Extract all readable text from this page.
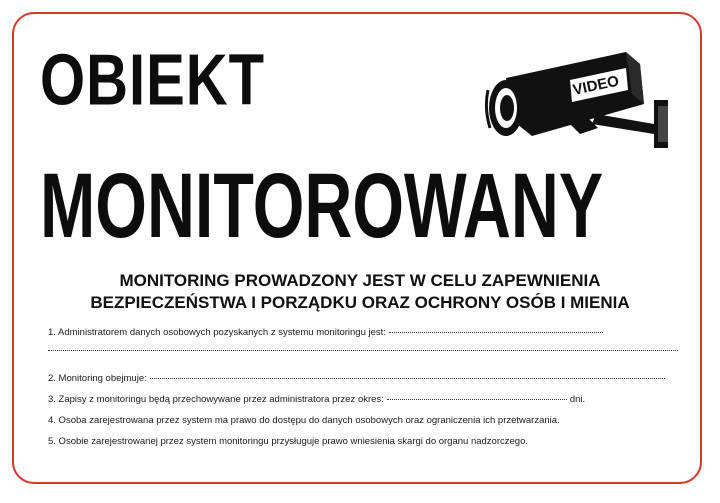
OBIEKT
MONITOROWANY
VIDEO
MONITORING PROWADZONY JEST W CELU ZAPEWNIENIA
BEZPIECZEŃSTWA I PORZĄDKU ORAZ OCHRONY OSÓB I MIENIA
1. Administratorem danych osobowych pozyskanych z systemu monitoringu jest:
2. Monitoring obejmuje:
3. Zapisy z monitoringu będą przechowywane przez administratora przez okres:	dni.
4. Osoba zarejestrowana przez system ma prawo do dostępu do danych osobowych oraz ograniczenia ich przetwarzania.
5. Osobie zarejestrowanej przez system monitoringu przysługuje prawo wniesienia skargi do organu nadzorczego.
